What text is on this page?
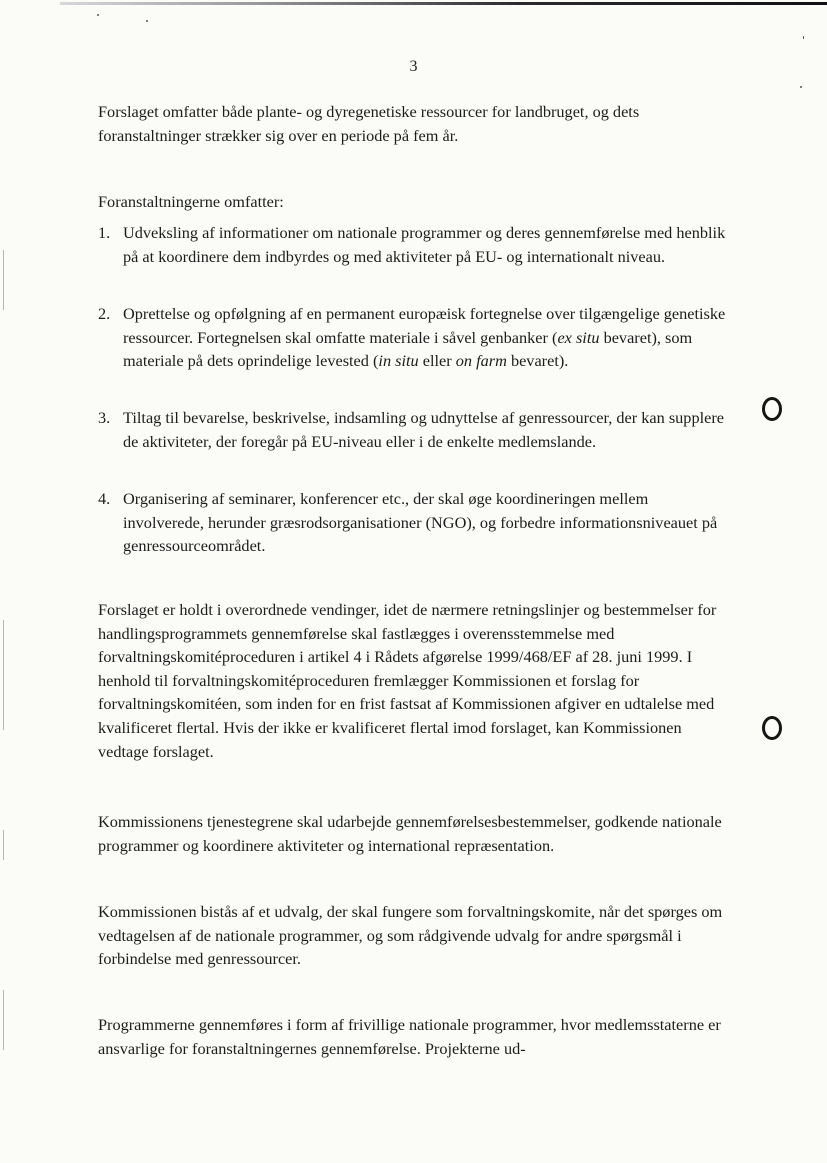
3

Forslaget omfatter både plante- og dyregenetiske ressourcer for landbruget, og dets foranstaltninger strækker sig over en periode på fem år.

Foranstaltningerne omfatter:

1. Udveksling af informationer om nationale programmer og deres gennemførelse med henblik på at koordinere dem indbyrdes og med aktiviteter på EU- og internationalt niveau.

2. Oprettelse og opfølgning af en permanent europæisk fortegnelse over tilgængelige genetiske ressourcer. Fortegnelsen skal omfatte materiale i såvel genbanker (ex situ bevaret), som materiale på dets oprindelige levested (in situ eller on farm bevaret).

3. Tiltag til bevarelse, beskrivelse, indsamling og udnyttelse af genressourcer, der kan supplere de aktiviteter, der foregår på EU-niveau eller i de enkelte medlemslande.

4. Organisering af seminarer, konferencer etc., der skal øge koordineringen mellem involverede, herunder græsrodsorganisationer (NGO), og forbedre informationsniveauet på genressourceområdet.

Forslaget er holdt i overordnede vendinger, idet de nærmere retningslinjer og bestemmelser for handlingsprogrammets gennemførelse skal fastlægges i overensstemmelse med forvaltningskomitéproceduren i artikel 4 i Rådets afgørelse 1999/468/EF af 28. juni 1999. I henhold til forvaltningskomitéproceduren fremlægger Kommissionen et forslag for forvaltningskomitéen, som inden for en frist fastsat af Kommissionen afgiver en udtalelse med kvalificeret flertal. Hvis der ikke er kvalificeret flertal imod forslaget, kan Kommissionen vedtage forslaget.

Kommissionens tjenestegrene skal udarbejde gennemførelsesbestemmelser, godkende nationale programmer og koordinere aktiviteter og international repræsentation.

Kommissionen bistås af et udvalg, der skal fungere som forvaltningskomite, når det spørges om vedtagelsen af de nationale programmer, og som rådgivende udvalg for andre spørgsmål i forbindelse med genressourcer.

Programmerne gennemføres i form af frivillige nationale programmer, hvor medlemsstaterne er ansvarlige for foranstaltningernes gennemførelse. Projekterne ud-
